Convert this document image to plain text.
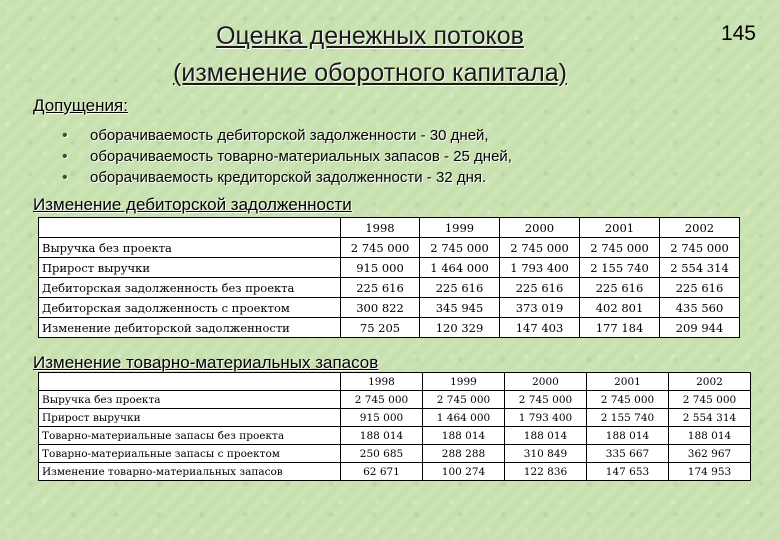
Оценка денежных потоков
(изменение оборотного капитала)
145
Допущения:
• оборачиваемость дебиторской задолженности - 30 дней,
• оборачиваемость товарно-материальных запасов - 25 дней,
• оборачиваемость кредиторской задолженности - 32 дня.
Изменение дебиторской задолженности
	1998	1999	2000	2001	2002
Выручка без проекта	2 745 000	2 745 000	2 745 000	2 745 000	2 745 000
Прирост выручки	915 000	1 464 000	1 793 400	2 155 740	2 554 314
Дебиторская задолженность без проекта	225 616	225 616	225 616	225 616	225 616
Дебиторская задолженность с проектом	300 822	345 945	373 019	402 801	435 560
Изменение дебиторской задолженности	75 205	120 329	147 403	177 184	209 944
Изменение товарно-материальных запасов
	1998	1999	2000	2001	2002
Выручка без проекта	2 745 000	2 745 000	2 745 000	2 745 000	2 745 000
Прирост выручки	915 000	1 464 000	1 793 400	2 155 740	2 554 314
Товарно-материальные запасы без проекта	188 014	188 014	188 014	188 014	188 014
Товарно-материальные запасы с проектом	250 685	288 288	310 849	335 667	362 967
Изменение товарно-материальных запасов	62 671	100 274	122 836	147 653	174 953
